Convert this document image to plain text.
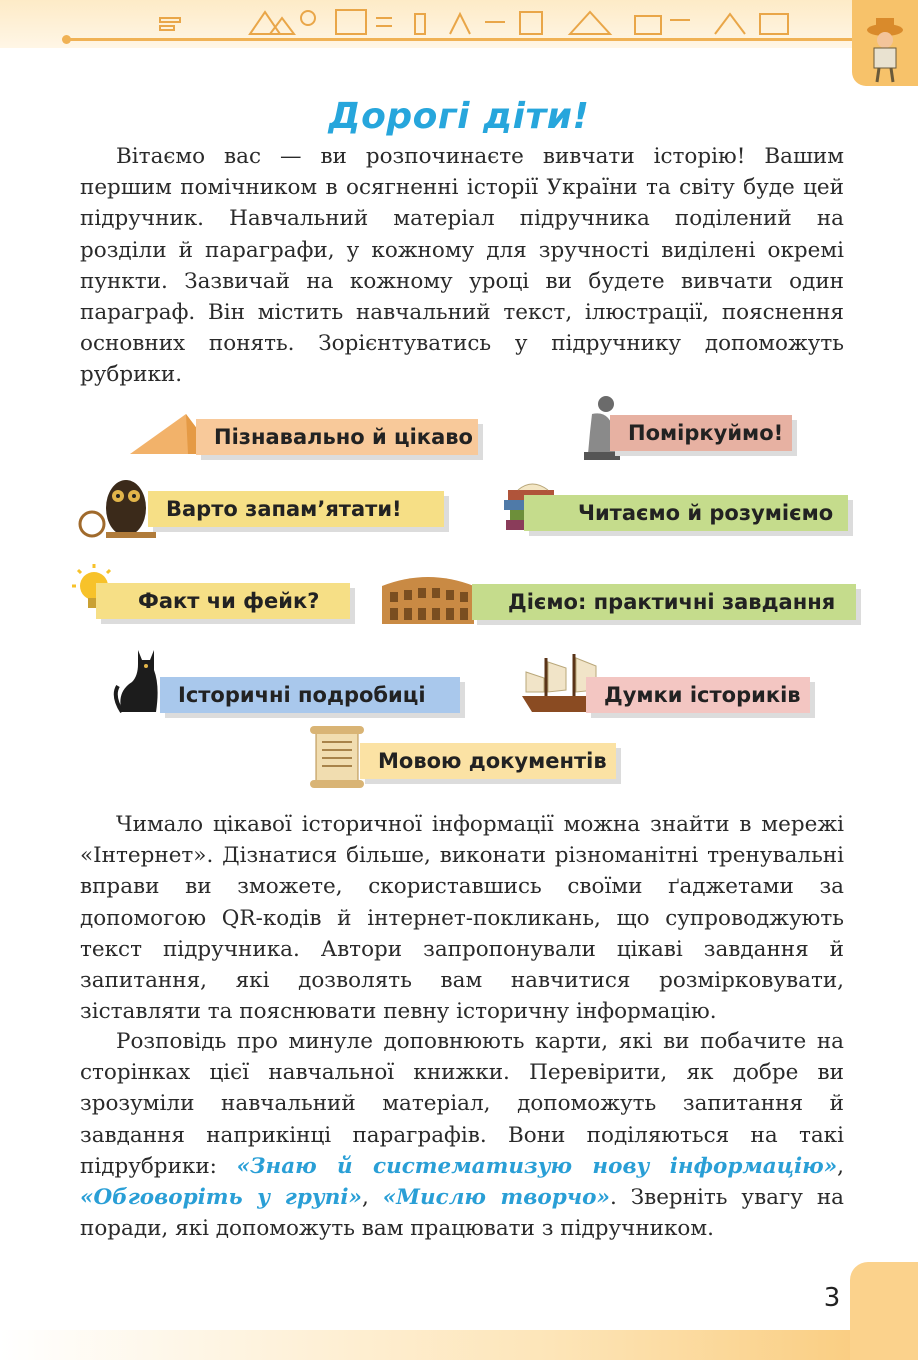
Дорогі діти!

Вітаємо вас — ви розпочинаєте вивчати історію! Вашим першим помічником в осягненні історії України та світу буде цей підручник. Навчальний матеріал підручника поділений на розділи й параграфи, у кожному для зручності виділені окремі пункти. Зазвичай на кожному уроці ви будете вивчати один параграф. Він містить навчальний текст, ілюстрації, пояснення основних понять. Зорієнтуватись у підручнику допоможуть рубрики.

Пізнавально й цікаво	Поміркуймо!
Варто запам’ятати!	Читаємо й розуміємо
Факт чи фейк?	Діємо: практичні завдання
Історичні подробиці	Думки істориків
Мовою документів

Чимало цікавої історичної інформації можна знайти в мережі «Інтернет». Дізнатися більше, виконати різноманітні тренувальні вправи ви зможете, скориставшись своїми ґаджетами за допомогою QR-кодів й інтернет-покликань, що супроводжують текст підручника. Автори запропонували цікаві завдання й запитання, які дозволять вам навчитися розмірковувати, зіставляти та пояснювати певну історичну інформацію.

Розповідь про минуле доповнюють карти, які ви побачите на сторінках цієї навчальної книжки. Перевірити, як добре ви зрозуміли навчальний матеріал, допоможуть запитання й завдання наприкінці параграфів. Вони поділяються на такі підрубрики: «Знаю й систематизую нову інформацію», «Обговоріть у групі», «Мислю творчо». Зверніть увагу на поради, які допоможуть вам працювати з підручником.

3
